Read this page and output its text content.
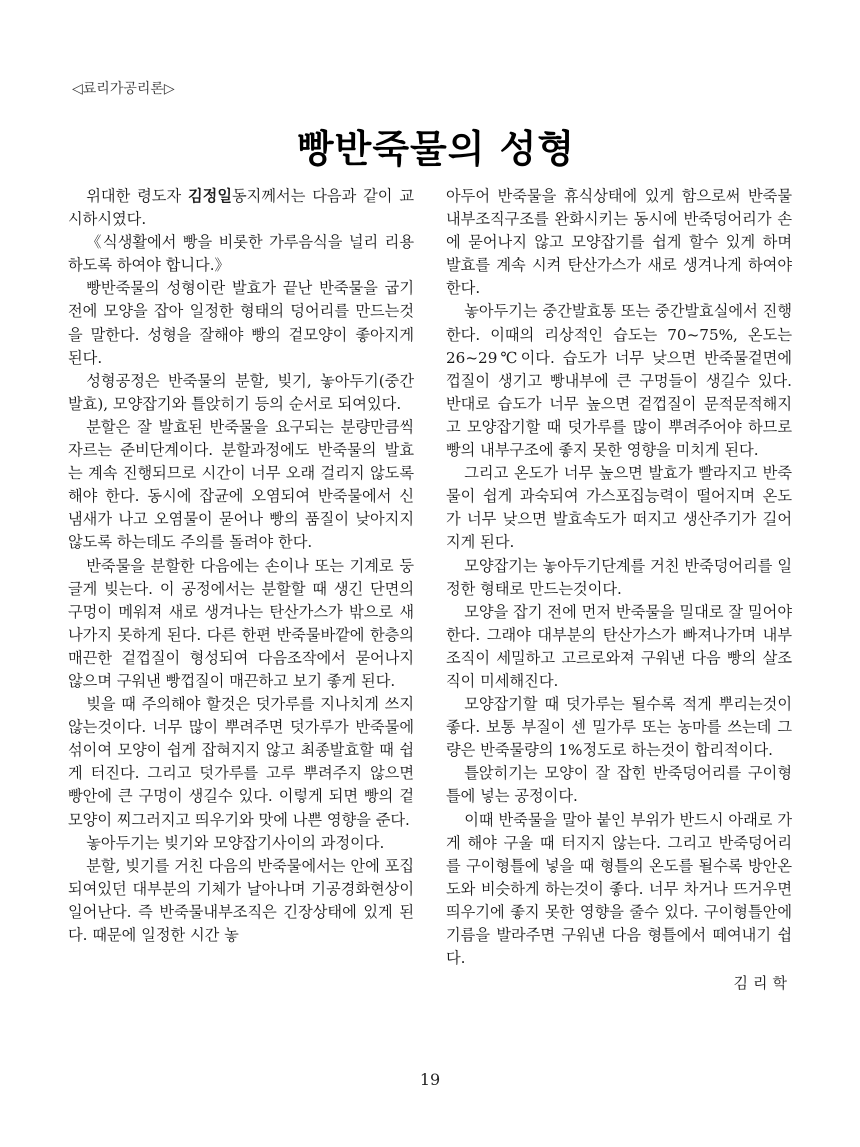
◁료리가공리론▷
빵반죽물의 성형

위대한 령도자 김정일동지께서는 다음과 같이 교시하시였다.

《식생활에서 빵을 비롯한 가루음식을 널리 리용하도록 하여야 합니다.》

빵반죽물의 성형이란 발효가 끝난 반죽물을 굽기 전에 모양을 잡아 일정한 형태의 덩어리를 만드는것을 말한다. 성형을 잘해야 빵의 겉모양이 좋아지게 된다.

성형공정은 반죽물의 분할, 빚기, 놓아두기(중간발효), 모양잡기와 틀앉히기 등의 순서로 되여있다.

분할은 잘 발효된 반죽물을 요구되는 분량만큼씩 자르는 준비단계이다. 분할과정에도 반죽물의 발효는 계속 진행되므로 시간이 너무 오래 걸리지 않도록 해야 한다. 동시에 잡균에 오염되여 반죽물에서 신 냄새가 나고 오염물이 묻어나 빵의 품질이 낮아지지 않도록 하는데도 주의를 돌려야 한다.

반죽물을 분할한 다음에는 손이나 또는 기계로 둥글게 빚는다. 이 공정에서는 분할할 때 생긴 단면의 구멍이 메워져 새로 생겨나는 탄산가스가 밖으로 새나가지 못하게 된다. 다른 한편 반죽물바깥에 한층의 매끈한 겉껍질이 형성되여 다음조작에서 묻어나지 않으며 구워낸 빵껍질이 매끈하고 보기 좋게 된다.

빚을 때 주의해야 할것은 덧가루를 지나치게 쓰지 않는것이다. 너무 많이 뿌려주면 덧가루가 반죽물에 섞이여 모양이 쉽게 잡혀지지 않고 최종발효할 때 쉽게 터진다. 그리고 덧가루를 고루 뿌려주지 않으면 빵안에 큰 구멍이 생길수 있다. 이렇게 되면 빵의 겉모양이 찌그러지고 띄우기와 맛에 나쁜 영향을 준다.

놓아두기는 빚기와 모양잡기사이의 과정이다.

분할, 빚기를 거친 다음의 반죽물에서는 안에 포집되여있던 대부분의 기체가 날아나며 기공경화현상이 일어난다. 즉 반죽물내부조직은 긴장상태에 있게 된다. 때문에 일정한 시간 놓

아두어 반죽물을 휴식상태에 있게 함으로써 반죽물내부조직구조를 완화시키는 동시에 반죽덩어리가 손에 묻어나지 않고 모양잡기를 쉽게 할수 있게 하며 발효를 계속 시켜 탄산가스가 새로 생겨나게 하여야 한다.

놓아두기는 중간발효통 또는 중간발효실에서 진행한다. 이때의 리상적인 습도는 70~75%, 온도는 26~29℃이다. 습도가 너무 낮으면 반죽물겉면에 껍질이 생기고 빵내부에 큰 구멍들이 생길수 있다. 반대로 습도가 너무 높으면 겉껍질이 문적문적해지고 모양잡기할 때 덧가루를 많이 뿌려주어야 하므로 빵의 내부구조에 좋지 못한 영향을 미치게 된다.

그리고 온도가 너무 높으면 발효가 빨라지고 반죽물이 쉽게 과숙되여 가스포집능력이 떨어지며 온도가 너무 낮으면 발효속도가 떠지고 생산주기가 길어지게 된다.

모양잡기는 놓아두기단계를 거친 반죽덩어리를 일정한 형태로 만드는것이다.

모양을 잡기 전에 먼저 반죽물을 밀대로 잘 밀어야 한다. 그래야 대부분의 탄산가스가 빠져나가며 내부조직이 세밀하고 고르로와져 구워낸 다음 빵의 살조직이 미세해진다.

모양잡기할 때 덧가루는 될수록 적게 뿌리는것이 좋다. 보통 부질이 센 밀가루 또는 농마를 쓰는데 그 량은 반죽물량의 1%정도로 하는것이 합리적이다.

틀앉히기는 모양이 잘 잡힌 반죽덩어리를 구이형틀에 넣는 공정이다.

이때 반죽물을 말아 붙인 부위가 반드시 아래로 가게 해야 구울 때 터지지 않는다. 그리고 반죽덩어리를 구이형틀에 넣을 때 형틀의 온도를 될수록 방안온도와 비슷하게 하는것이 좋다. 너무 차거나 뜨거우면 띄우기에 좋지 못한 영향을 줄수 있다. 구이형틀안에 기름을 발라주면 구워낸 다음 형틀에서 떼여내기 쉽다.

김리학

19
